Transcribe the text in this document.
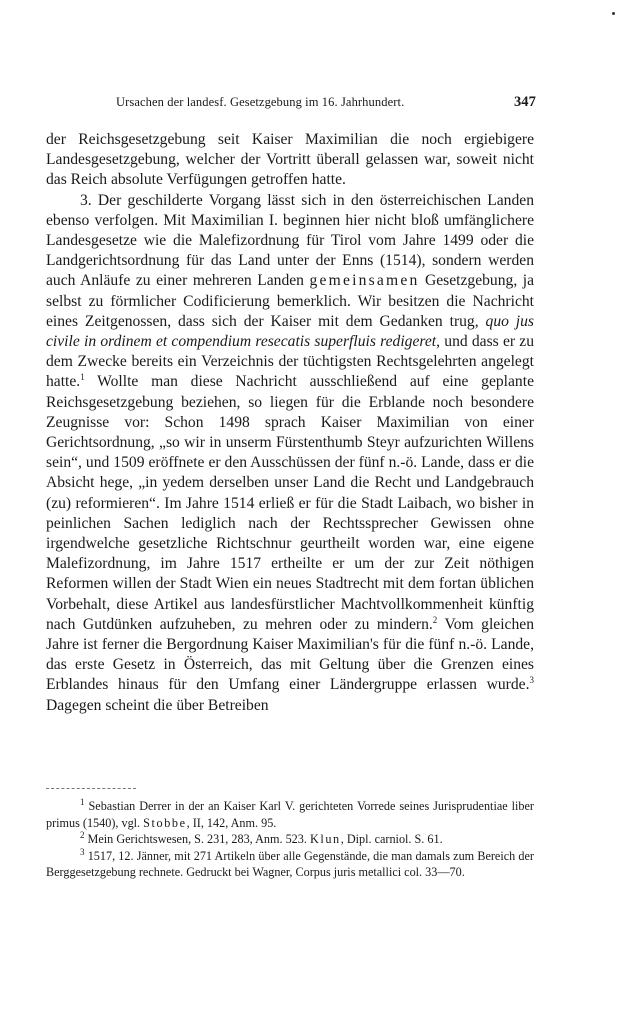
Ursachen der landesf. Gesetzgebung im 16. Jahrhundert.	347

der Reichsgesetzgebung seit Kaiser Maximilian die noch ergiebigere Landesgesetzgebung, welcher der Vortritt überall gelassen war, soweit nicht das Reich absolute Verfügungen getroffen hatte.

3. Der geschilderte Vorgang lässt sich in den österreichischen Landen ebenso verfolgen. Mit Maximilian I. beginnen hier nicht bloß umfänglichere Landesgesetze wie die Malefizordnung für Tirol vom Jahre 1499 oder die Landgerichtsordnung für das Land unter der Enns (1514), sondern werden auch Anläufe zu einer mehreren Landen gemeinsamen Gesetzgebung, ja selbst zu förmlicher Codificierung bemerklich. Wir besitzen die Nachricht eines Zeitgenossen, dass sich der Kaiser mit dem Gedanken trug, quo jus civile in ordinem et compendium resecatis superfluis redigeret, und dass er zu dem Zwecke bereits ein Verzeichnis der tüchtigsten Rechtsgelehrten angelegt hatte.$^1$ Wollte man diese Nachricht ausschließend auf eine geplante Reichsgesetzgebung beziehen, so liegen für die Erblande noch besondere Zeugnisse vor: Schon 1498 sprach Kaiser Maximilian von einer Gerichtsordnung, „so wir in unserm Fürstenthumb Steyr aufzurichten Willens sein“, und 1509 eröffnete er den Ausschüssen der fünf n.-ö. Lande, dass er die Absicht hege, „in yedem derselben unser Land die Recht und Landgebrauch (zu) reformieren“. Im Jahre 1514 erließ er für die Stadt Laibach, wo bisher in peinlichen Sachen lediglich nach der Rechtssprecher Gewissen ohne irgendwelche gesetzliche Richtschnur geurtheilt worden war, eine eigene Malefizordnung, im Jahre 1517 ertheilte er um der zur Zeit nöthigen Reformen willen der Stadt Wien ein neues Stadtrecht mit dem fortan üblichen Vorbehalt, diese Artikel aus landesfürstlicher Machtvollkommenheit künftig nach Gutdünken aufzuheben, zu mehren oder zu mindern.$^2$ Vom gleichen Jahre ist ferner die Bergordnung Kaiser Maximilian's für die fünf n.-ö. Lande, das erste Gesetz in Österreich, das mit Geltung über die Grenzen eines Erblandes hinaus für den Umfang einer Ländergruppe erlassen wurde.$^3$ Dagegen scheint die über Betreiben

$^1$ Sebastian Derrer in der an Kaiser Karl V. gerichteten Vorrede seines Jurisprudentiae liber primus (1540), vgl. Stobbe, II, 142, Anm. 95.

$^2$ Mein Gerichtswesen, S. 231, 283, Anm. 523. Klun, Dipl. carniol. S. 61.

$^3$ 1517, 12. Jänner, mit 271 Artikeln über alle Gegenstände, die man damals zum Bereich der Berggesetzgebung rechnete. Gedruckt bei Wagner, Corpus juris metallici col. 33—70.
